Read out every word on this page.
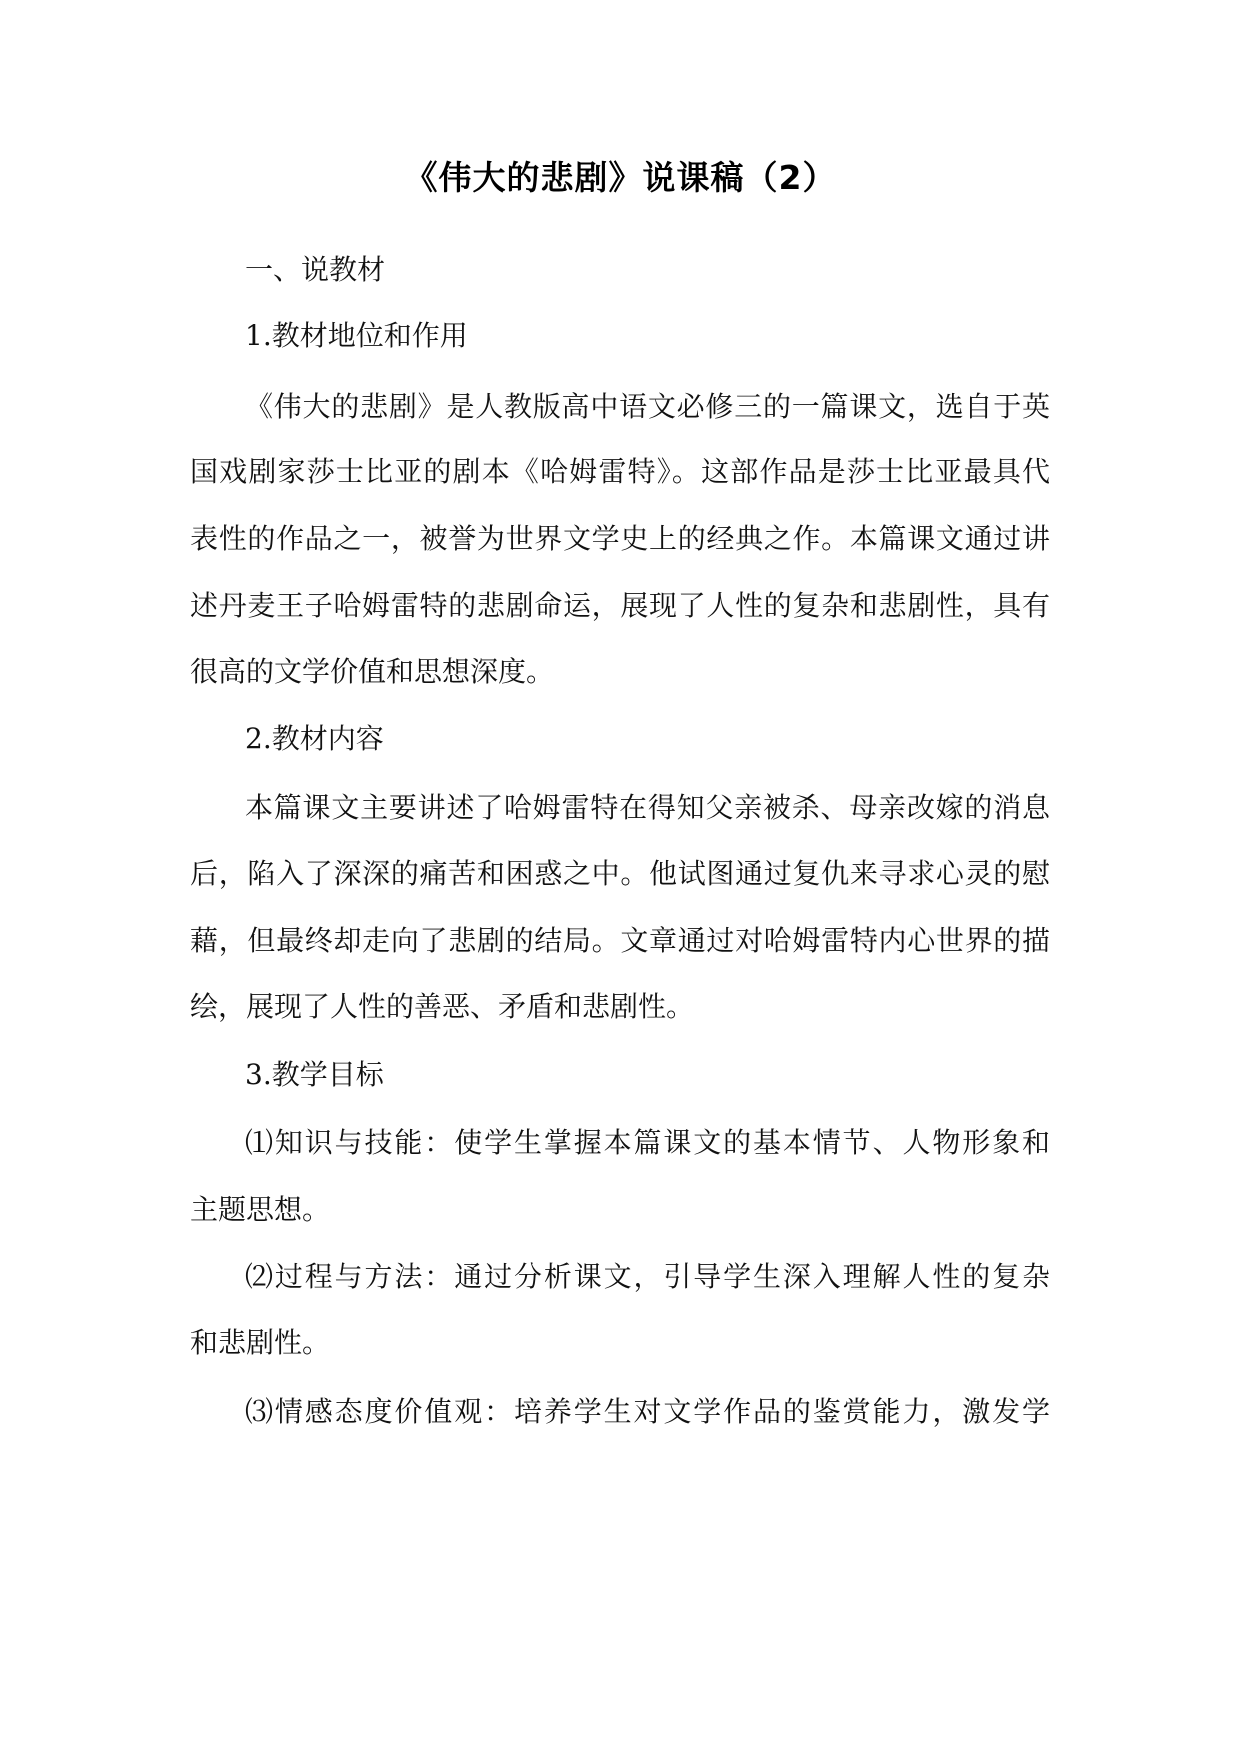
《伟大的悲剧》说课稿（2）
一、说教材
1.教材地位和作用
《伟大的悲剧》是人教版高中语文必修三的一篇课文，选自于英
国戏剧家莎士比亚的剧本《哈姆雷特》。这部作品是莎士比亚最具代
表性的作品之一，被誉为世界文学史上的经典之作。本篇课文通过讲
述丹麦王子哈姆雷特的悲剧命运，展现了人性的复杂和悲剧性，具有
很高的文学价值和思想深度。
2.教材内容
本篇课文主要讲述了哈姆雷特在得知父亲被杀、母亲改嫁的消息
后，陷入了深深的痛苦和困惑之中。他试图通过复仇来寻求心灵的慰
藉，但最终却走向了悲剧的结局。文章通过对哈姆雷特内心世界的描
绘，展现了人性的善恶、矛盾和悲剧性。
3.教学目标
⑴知识与技能：使学生掌握本篇课文的基本情节、人物形象和
主题思想。
⑵过程与方法：通过分析课文，引导学生深入理解人性的复杂
和悲剧性。
⑶情感态度价值观：培养学生对文学作品的鉴赏能力，激发学
